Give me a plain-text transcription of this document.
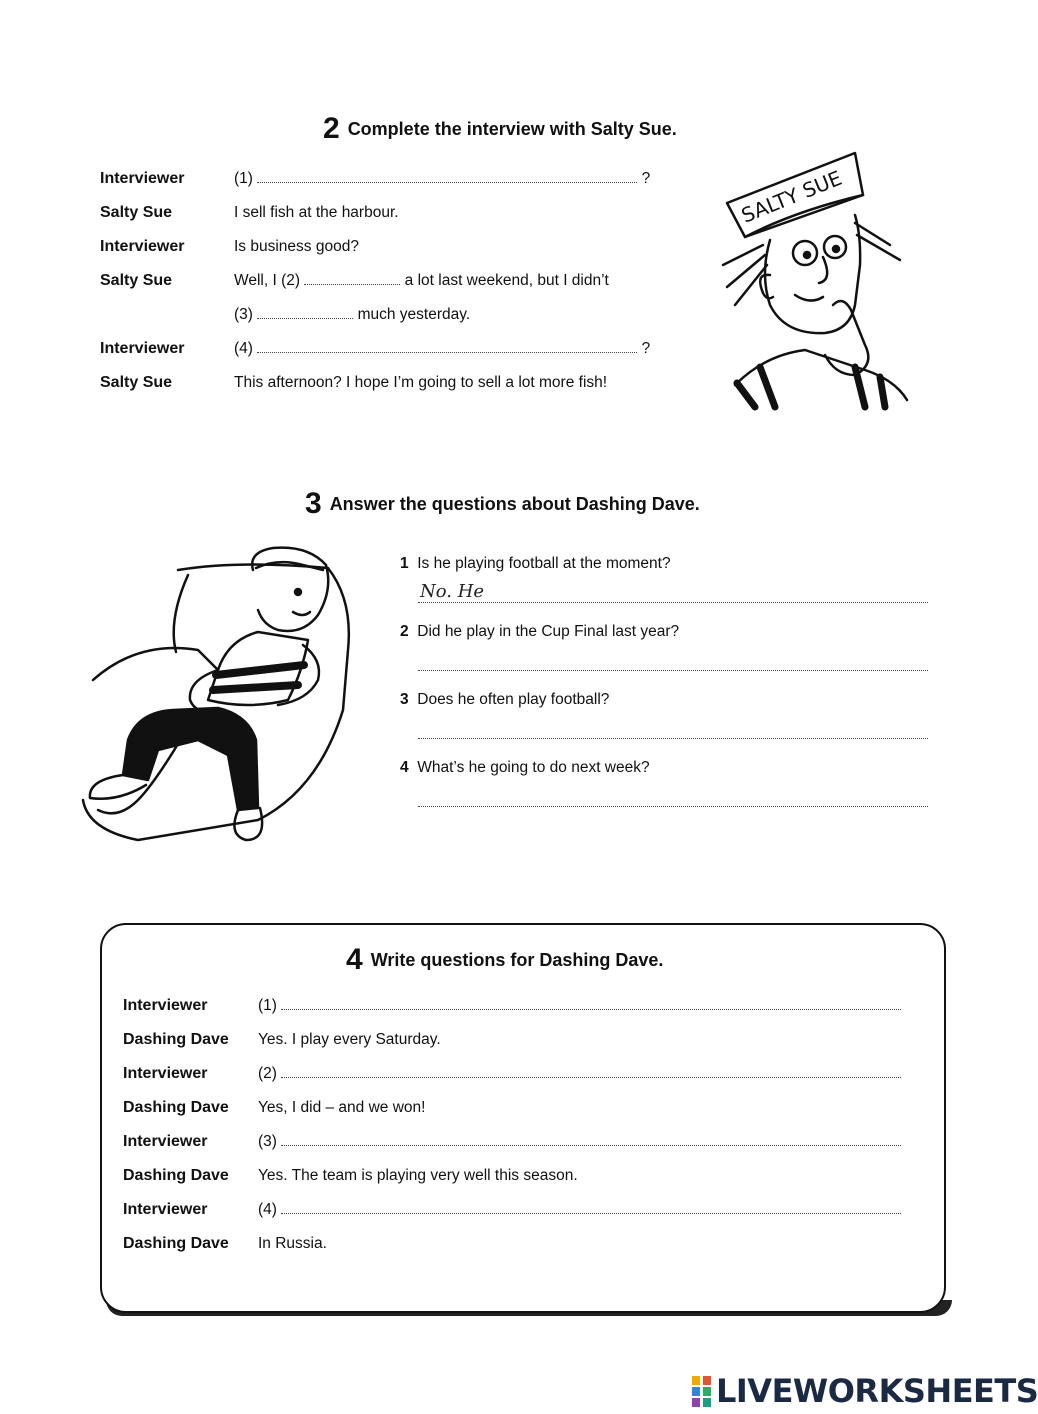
2 Complete the interview with Salty Sue.
Interviewer	(1)	?
Salty Sue	I sell fish at the harbour.
Interviewer	Is business good?
Salty Sue	Well, I (2)	a lot last weekend, but I didn’t
(3)	much yesterday.
Interviewer	(4)	?
Salty Sue	This afternoon? I hope I’m going to sell a lot more fish!
SALTY SUE
3 Answer the questions about Dashing Dave.
1 Is he playing football at the moment?
No. He
2 Did he play in the Cup Final last year?
3 Does he often play football?
4 What’s he going to do next week?
4 Write questions for Dashing Dave.
Interviewer	(1)
Dashing Dave Yes. I play every Saturday.
Interviewer	(2)
Dashing Dave Yes, I did – and we won!
Interviewer	(3)
Dashing Dave Yes. The team is playing very well this season.
Interviewer	(4)
Dashing Dave In Russia.
LIVEWORKSHEETS
